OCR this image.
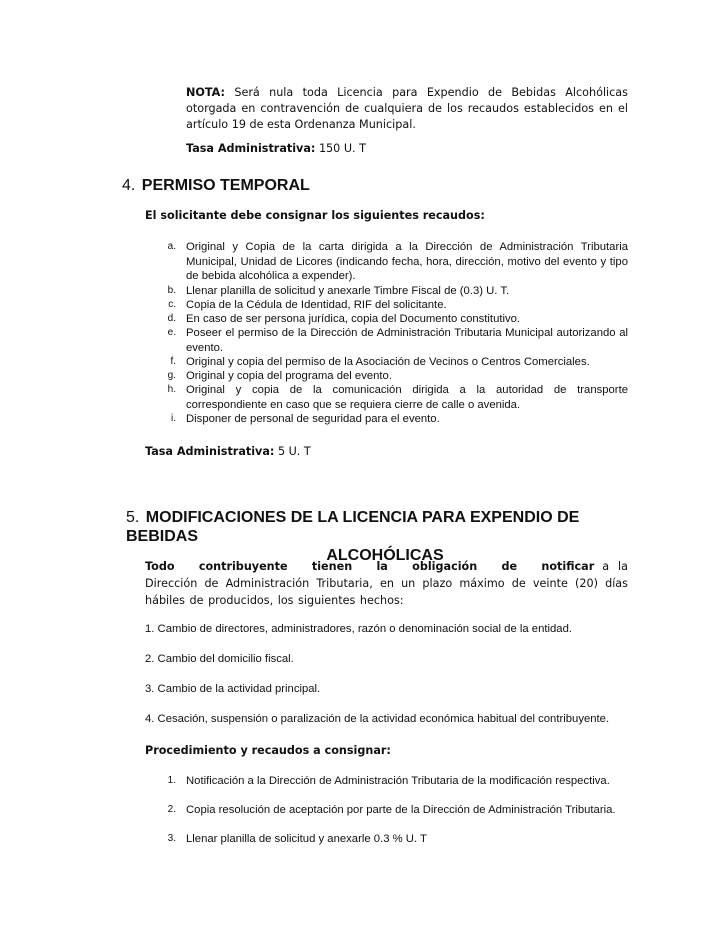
NOTA: Será nula toda Licencia para Expendio de Bebidas Alcohólicas otorgada en contravención de cualquiera de los recaudos establecidos en el artículo 19 de esta Ordenanza Municipal.
Tasa Administrativa: 150 U. T
4. PERMISO TEMPORAL
El solicitante debe consignar los siguientes recaudos:
a. Original y Copia de la carta dirigida a la Dirección de Administración Tributaria Municipal, Unidad de Licores (indicando fecha, hora, dirección, motivo del evento y tipo de bebida alcohólica a expender).
b. Llenar planilla de solicitud y anexarle Timbre Fiscal de (0.3) U. T.
c. Copia de la Cédula de Identidad, RIF del solicitante.
d. En caso de ser persona jurídica, copia del Documento constitutivo.
e. Poseer el permiso de la Dirección de Administración Tributaria Municipal autorizando al evento.
f. Original y copia del permiso de la Asociación de Vecinos o Centros Comerciales.
g. Original y copia del programa del evento.
h. Original y copia de la comunicación dirigida a la autoridad de transporte correspondiente en caso que se requiera cierre de calle o avenida.
i. Disponer de personal de seguridad para el evento.
Tasa Administrativa: 5 U. T
5. MODIFICACIONES DE LA LICENCIA PARA EXPENDIO DE BEBIDAS
ALCOHÓLICAS
Todo contribuyente tienen la obligación de notificar a la Dirección de Administración Tributaria, en un plazo máximo de veinte (20) días hábiles de producidos, los siguientes hechos:
1. Cambio de directores, administradores, razón o denominación social de la entidad.
2. Cambio del domicilio fiscal.
3. Cambio de la actividad principal.
4. Cesación, suspensión o paralización de la actividad económica habitual del contribuyente.
Procedimiento y recaudos a consignar:
1. Notificación a la Dirección de Administración Tributaria de la modificación respectiva.
2. Copia resolución de aceptación por parte de la Dirección de Administración Tributaria.
3. Llenar planilla de solicitud y anexarle 0.3 % U. T
